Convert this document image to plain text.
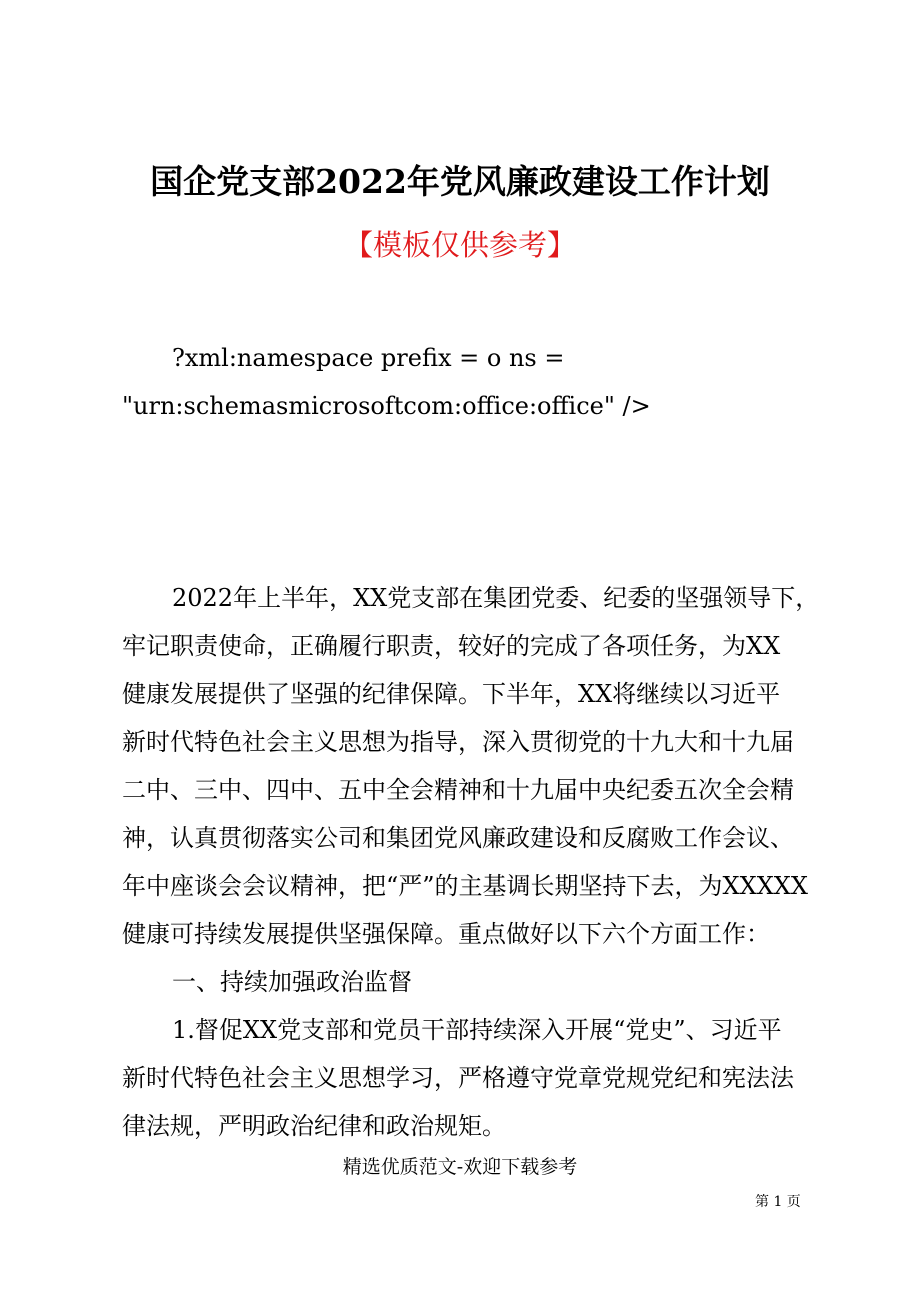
国企党支部2022年党风廉政建设工作计划
【模板仅供参考】
?xml:namespace prefix = o ns =
"urn:schemasmicrosoftcom:office:office" />
2022年上半年，XX党支部在集团党委、纪委的坚强领导下，
牢记职责使命，正确履行职责，较好的完成了各项任务，为XX
健康发展提供了坚强的纪律保障。下半年，XX将继续以习近平
新时代特色社会主义思想为指导，深入贯彻党的十九大和十九届
二中、三中、四中、五中全会精神和十九届中央纪委五次全会精
神，认真贯彻落实公司和集团党风廉政建设和反腐败工作会议、
年中座谈会会议精神，把“严”的主基调长期坚持下去，为XXXXX
健康可持续发展提供坚强保障。重点做好以下六个方面工作：
一、持续加强政治监督
1.督促XX党支部和党员干部持续深入开展“党史”、习近平
新时代特色社会主义思想学习，严格遵守党章党规党纪和宪法法
律法规，严明政治纪律和政治规矩。
精选优质范文-欢迎下载参考
第 1 页
